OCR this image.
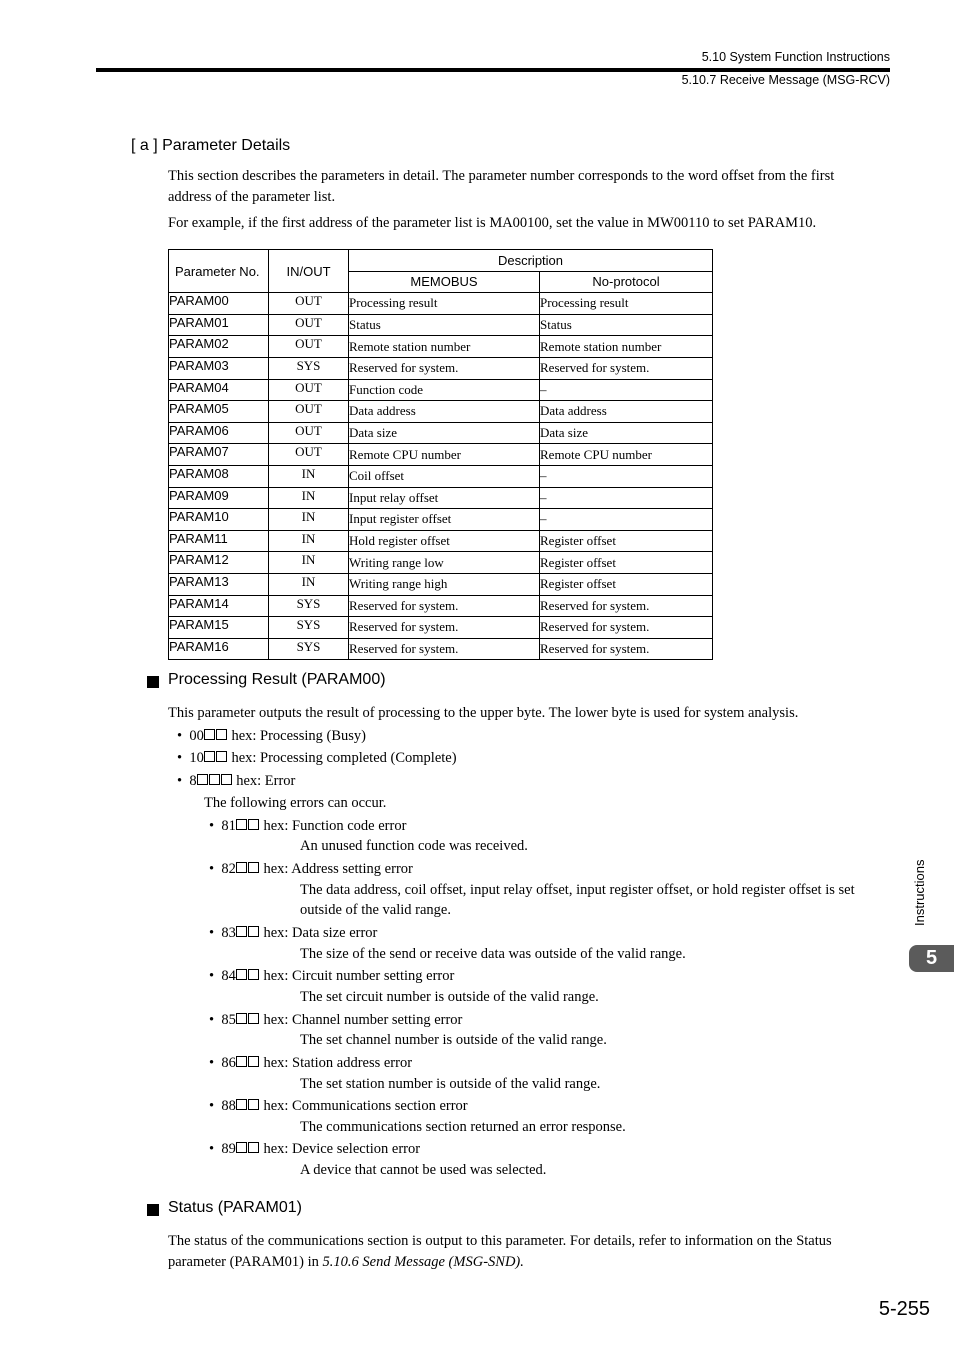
5.10 System Function Instructions
5.10.7 Receive Message (MSG-RCV)
[ a ] Parameter Details
This section describes the parameters in detail. The parameter number corresponds to the word offset from the first address of the parameter list.
For example, if the first address of the parameter list is MA00100, set the value in MW00110 to set PARAM10.
Parameter No.	IN/OUT	Description	
		MEMOBUS	No-protocol
PARAM00	OUT	Processing result	Processing result
PARAM01	OUT	Status	Status
PARAM02	OUT	Remote station number	Remote station number
PARAM03	SYS	Reserved for system.	Reserved for system.
PARAM04	OUT	Function code	–
PARAM05	OUT	Data address	Data address
PARAM06	OUT	Data size	Data size
PARAM07	OUT	Remote CPU number	Remote CPU number
PARAM08	IN	Coil offset	–
PARAM09	IN	Input relay offset	–
PARAM10	IN	Input register offset	–
PARAM11	IN	Hold register offset	Register offset
PARAM12	IN	Writing range low	Register offset
PARAM13	IN	Writing range high	Register offset
PARAM14	SYS	Reserved for system.	Reserved for system.
PARAM15	SYS	Reserved for system.	Reserved for system.
PARAM16	SYS	Reserved for system.	Reserved for system.
Processing Result (PARAM00)
This parameter outputs the result of processing to the upper byte. The lower byte is used for system analysis.
•  00 hex: Processing (Busy)
•  10 hex: Processing completed (Complete)
•  8 hex: Error
The following errors can occur.
•  81 hex: Function code error
An unused function code was received.
•  82 hex: Address setting error
The data address, coil offset, input relay offset, input register offset, or hold register offset is set outside of the valid range.
•  83 hex: Data size error
The size of the send or receive data was outside of the valid range.
•  84 hex: Circuit number setting error
The set circuit number is outside of the valid range.
•  85 hex: Channel number setting error
The set channel number is outside of the valid range.
•  86 hex: Station address error
The set station number is outside of the valid range.
•  88 hex: Communications section error
The communications section returned an error response.
•  89 hex: Device selection error
A device that cannot be used was selected.
Status (PARAM01)
The status of the communications section is output to this parameter. For details, refer to information on the Status parameter (PARAM01) in 5.10.6 Send Message (MSG-SND).
Instructions
5
5-255
